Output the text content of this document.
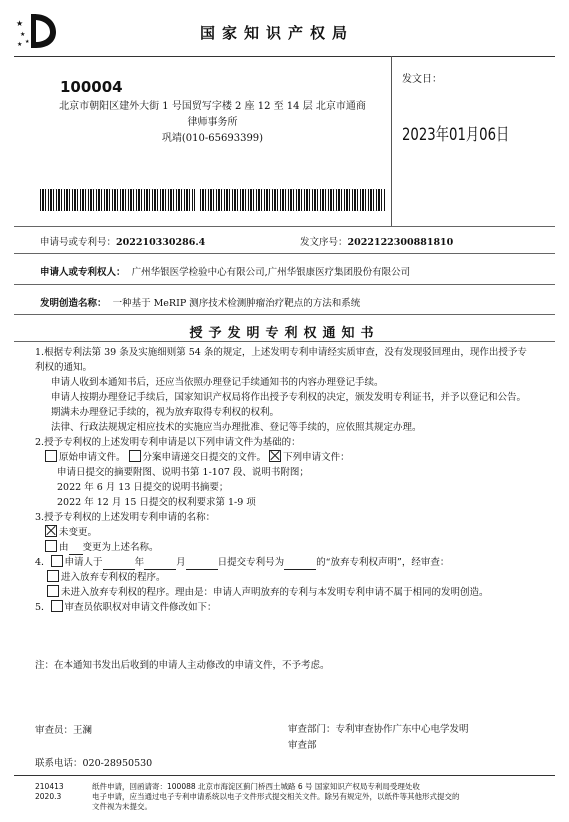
★
★
★ ★	国家知识产权局
100004
北京市朝阳区建外大街 1 号国贸写字楼 2 座 12 至 14 层 北京市通商
律师事务所
巩靖(010-65693399)
发文日：
2023年01月06日
申请号或专利号：202210330286.4	发文序号：2022122300881810
申请人或专利权人： 广州华银医学检验中心有限公司,广州华银康医疗集团股份有限公司
发明创造名称： 一种基于 MeRIP 测序技术检测肿瘤治疗靶点的方法和系统
授予发明专利权通知书
1.根据专利法第 39 条及实施细则第 54 条的规定，上述发明专利申请经实质审查，没有发现驳回理由，现作出授予专利权的通知。
申请人收到本通知书后，还应当依照办理登记手续通知书的内容办理登记手续。
申请人按期办理登记手续后，国家知识产权局将作出授予专利权的决定，颁发发明专利证书，并予以登记和公告。
期满未办理登记手续的，视为放弃取得专利权的权利。
法律、行政法规规定相应技术的实施应当办理批准、登记等手续的，应依照其规定办理。
2.授予专利权的上述发明专利申请是以下列申请文件为基础的：
原始申请文件。 分案申请递交日提交的文件。 下列申请文件：
申请日提交的摘要附图、说明书第 1-107 段、说明书附图；
2022 年 6 月 13 日提交的说明书摘要；
2022 年 12 月 15 日提交的权利要求第 1-9 项
3.授予专利权的上述发明专利申请的名称：
未变更。
由 变更为上述名称。
4． 申请人于	年	月	日提交专利号为	的“放弃专利权声明”，经审查：
进入放弃专利权的程序。
未进入放弃专利权的程序。理由是：申请人声明放弃的专利与本发明专利申请不属于相同的发明创造。
5． 审查员依职权对申请文件修改如下：
注：在本通知书发出后收到的申请人主动修改的申请文件，不予考虑。
审查员：王澜
联系电话：020-28950530
审查部门：专利审查协作广东中心电学发明
审查部
210413
2020.3
纸件申请，回函请寄：100088 北京市海淀区蓟门桥西土城路 6 号 国家知识产权局专利局受理处收
电子申请，应当通过电子专利申请系统以电子文件形式提交相关文件。除另有规定外，以纸件等其他形式提交的
文件视为未提交。
